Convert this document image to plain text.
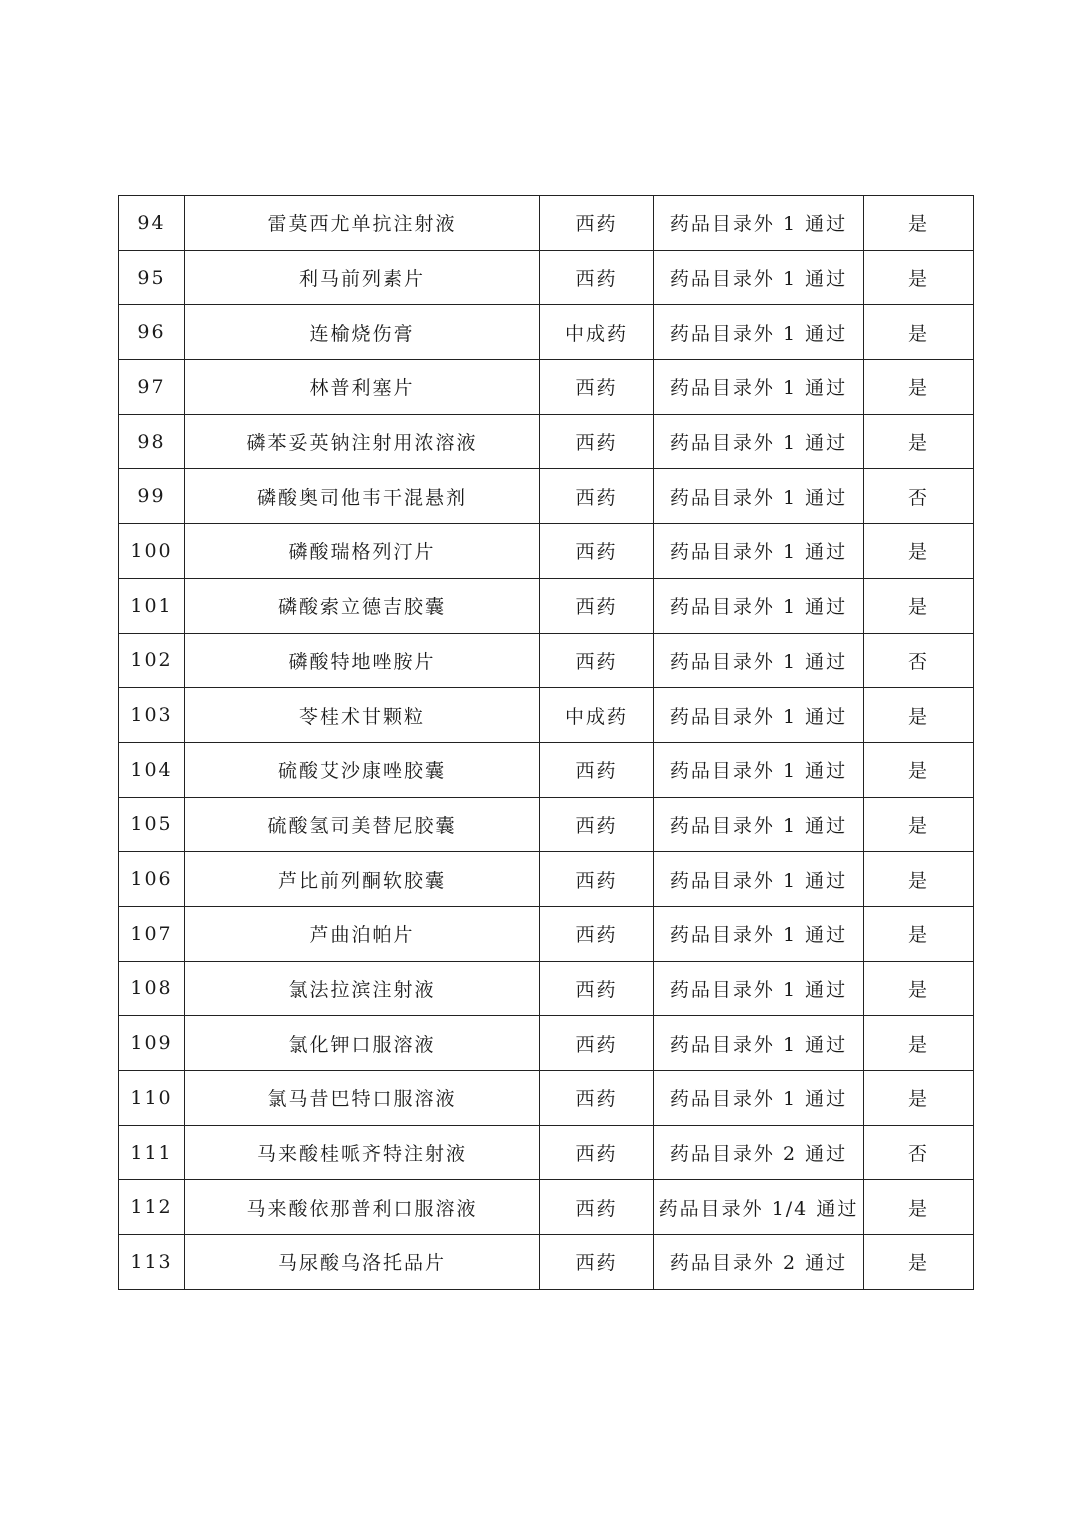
94	雷莫西尤单抗注射液	西药	药品目录外 1 通过	是
95	利马前列素片	西药	药品目录外 1 通过	是
96	连榆烧伤膏	中成药	药品目录外 1 通过	是
97	林普利塞片	西药	药品目录外 1 通过	是
98	磷苯妥英钠注射用浓溶液	西药	药品目录外 1 通过	是
99	磷酸奥司他韦干混悬剂	西药	药品目录外 1 通过	否
100	磷酸瑞格列汀片	西药	药品目录外 1 通过	是
101	磷酸索立德吉胶囊	西药	药品目录外 1 通过	是
102	磷酸特地唑胺片	西药	药品目录外 1 通过	否
103	苓桂术甘颗粒	中成药	药品目录外 1 通过	是
104	硫酸艾沙康唑胶囊	西药	药品目录外 1 通过	是
105	硫酸氢司美替尼胶囊	西药	药品目录外 1 通过	是
106	芦比前列酮软胶囊	西药	药品目录外 1 通过	是
107	芦曲泊帕片	西药	药品目录外 1 通过	是
108	氯法拉滨注射液	西药	药品目录外 1 通过	是
109	氯化钾口服溶液	西药	药品目录外 1 通过	是
110	氯马昔巴特口服溶液	西药	药品目录外 1 通过	是
111	马来酸桂哌齐特注射液	西药	药品目录外 2 通过	否
112	马来酸依那普利口服溶液	西药	药品目录外 1/4 通过	是
113	马尿酸乌洛托品片	西药	药品目录外 2 通过	是
